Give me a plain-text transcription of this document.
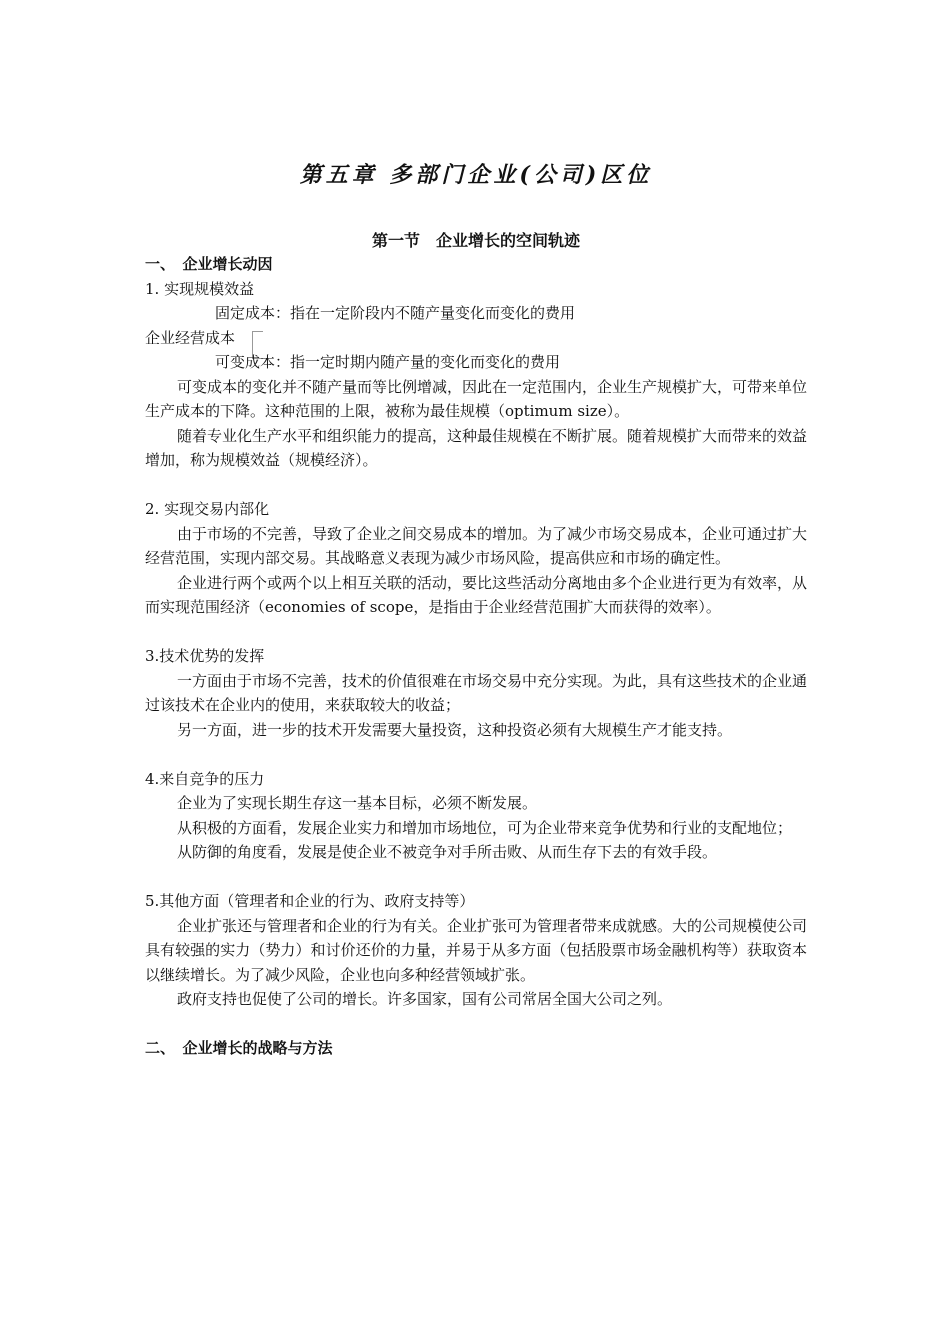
第五章 多部门企业(公司)区位
第一节　企业增长的空间轨迹
一、　企业增长动因
1. 实现规模效益
固定成本：指在一定阶段内不随产量变化而变化的费用
企业经营成本
可变成本：指一定时期内随产量的变化而变化的费用

可变成本的变化并不随产量而等比例增减，因此在一定范围内，企业生产规模扩大，可带来单位生产成本的下降。这种范围的上限，被称为最佳规模（optimum size）。

随着专业化生产水平和组织能力的提高，这种最佳规模在不断扩展。随着规模扩大而带来的效益增加，称为规模效益（规模经济）。

2. 实现交易内部化

由于市场的不完善，导致了企业之间交易成本的增加。为了减少市场交易成本，企业可通过扩大经营范围，实现内部交易。其战略意义表现为减少市场风险，提高供应和市场的确定性。

企业进行两个或两个以上相互关联的活动，要比这些活动分离地由多个企业进行更为有效率，从而实现范围经济（economies of scope，是指由于企业经营范围扩大而获得的效率）。

3.技术优势的发挥

一方面由于市场不完善，技术的价值很难在市场交易中充分实现。为此，具有这些技术的企业通过该技术在企业内的使用，来获取较大的收益；

另一方面，进一步的技术开发需要大量投资，这种投资必须有大规模生产才能支持。

4.来自竞争的压力

企业为了实现长期生存这一基本目标，必须不断发展。

从积极的方面看，发展企业实力和增加市场地位，可为企业带来竞争优势和行业的支配地位；

从防御的角度看，发展是使企业不被竞争对手所击败、从而生存下去的有效手段。

5.其他方面（管理者和企业的行为、政府支持等）

企业扩张还与管理者和企业的行为有关。企业扩张可为管理者带来成就感。大的公司规模使公司具有较强的实力（势力）和讨价还价的力量，并易于从多方面（包括股票市场金融机构等）获取资本以继续增长。为了减少风险，企业也向多种经营领域扩张。

政府支持也促使了公司的增长。许多国家，国有公司常居全国大公司之列。

二、　企业增长的战略与方法
